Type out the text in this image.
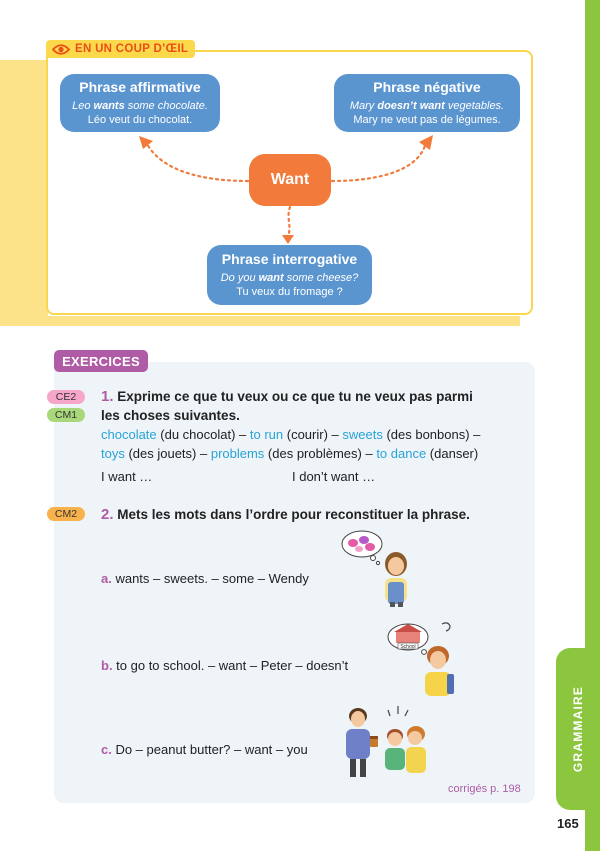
GRAMMAIRE
EN UN COUP D’ŒIL
Phrase affirmative
Leo wants some chocolate.
Léo veut du chocolat.
Phrase négative
Mary doesn’t want vegetables.
Mary ne veut pas de légumes.
Want
Phrase interrogative
Do you want some cheese?
Tu veux du fromage ?
EXERCICES
CE2
CM1
1. Exprime ce que tu veux ou ce que tu ne veux pas parmi
les choses suivantes.
chocolate (du chocolat) – to run (courir) – sweets (des bonbons) –
toys (des jouets) – problems (des problèmes) – to dance (danser)
I want …	I don’t want …
CM2	2. Mets les mots dans l’ordre pour reconstituer la phrase.
a. wants – sweets. – some – Wendy
b. to go to school. – want – Peter – doesn’t
c. Do – peanut butter? – want – you
School
corrigés p. 198
165
